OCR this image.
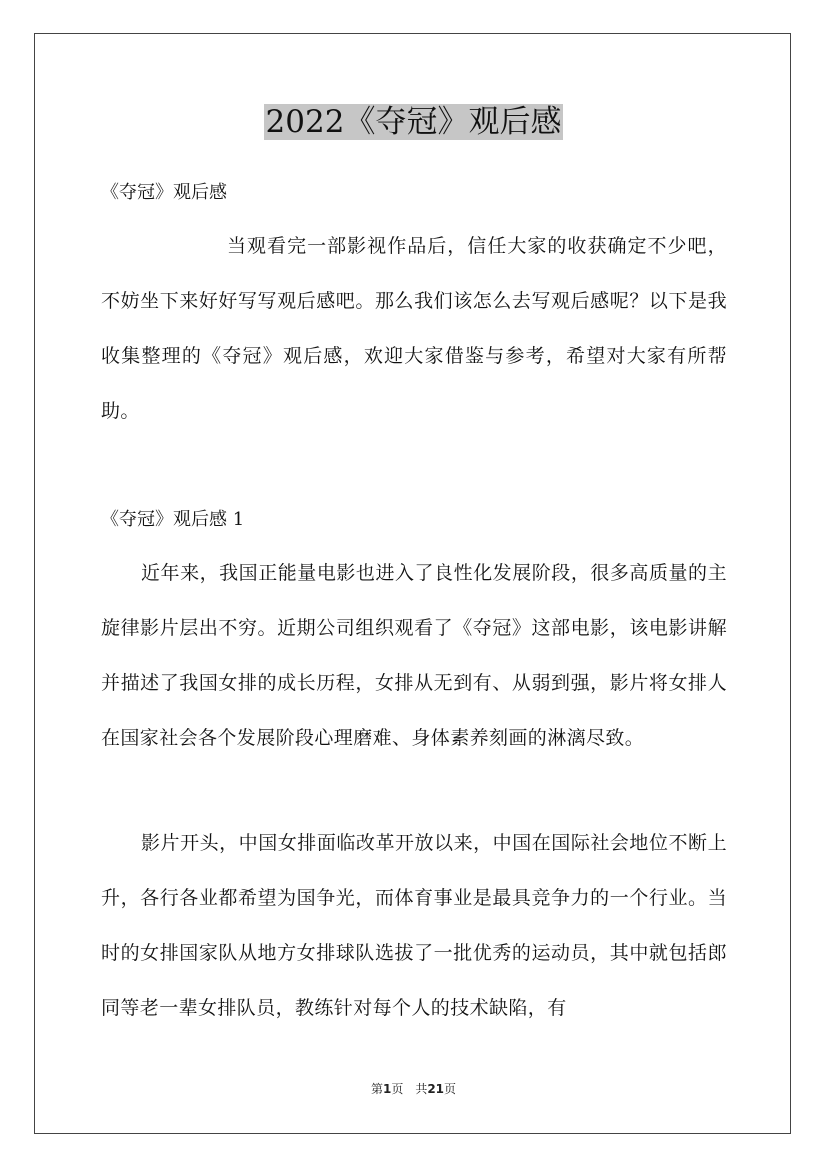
2022《夺冠》观后感

《夺冠》观后感

当观看完一部影视作品后，信任大家的收获确定不少吧，不妨坐下来好好写写观后感吧。那么我们该怎么去写观后感呢？以下是我收集整理的《夺冠》观后感，欢迎大家借鉴与参考，希望对大家有所帮助。

《夺冠》观后感 1

近年来，我国正能量电影也进入了良性化发展阶段，很多高质量的主旋律影片层出不穷。近期公司组织观看了《夺冠》这部电影，该电影讲解并描述了我国女排的成长历程，女排从无到有、从弱到强，影片将女排人在国家社会各个发展阶段心理磨难、身体素养刻画的淋漓尽致。

影片开头，中国女排面临改革开放以来，中国在国际社会地位不断上升，各行各业都希望为国争光，而体育事业是最具竞争力的一个行业。当时的女排国家队从地方女排球队选拔了一批优秀的运动员，其中就包括郎同等老一辈女排队员，教练针对每个人的技术缺陷，有

第1页　共21页
